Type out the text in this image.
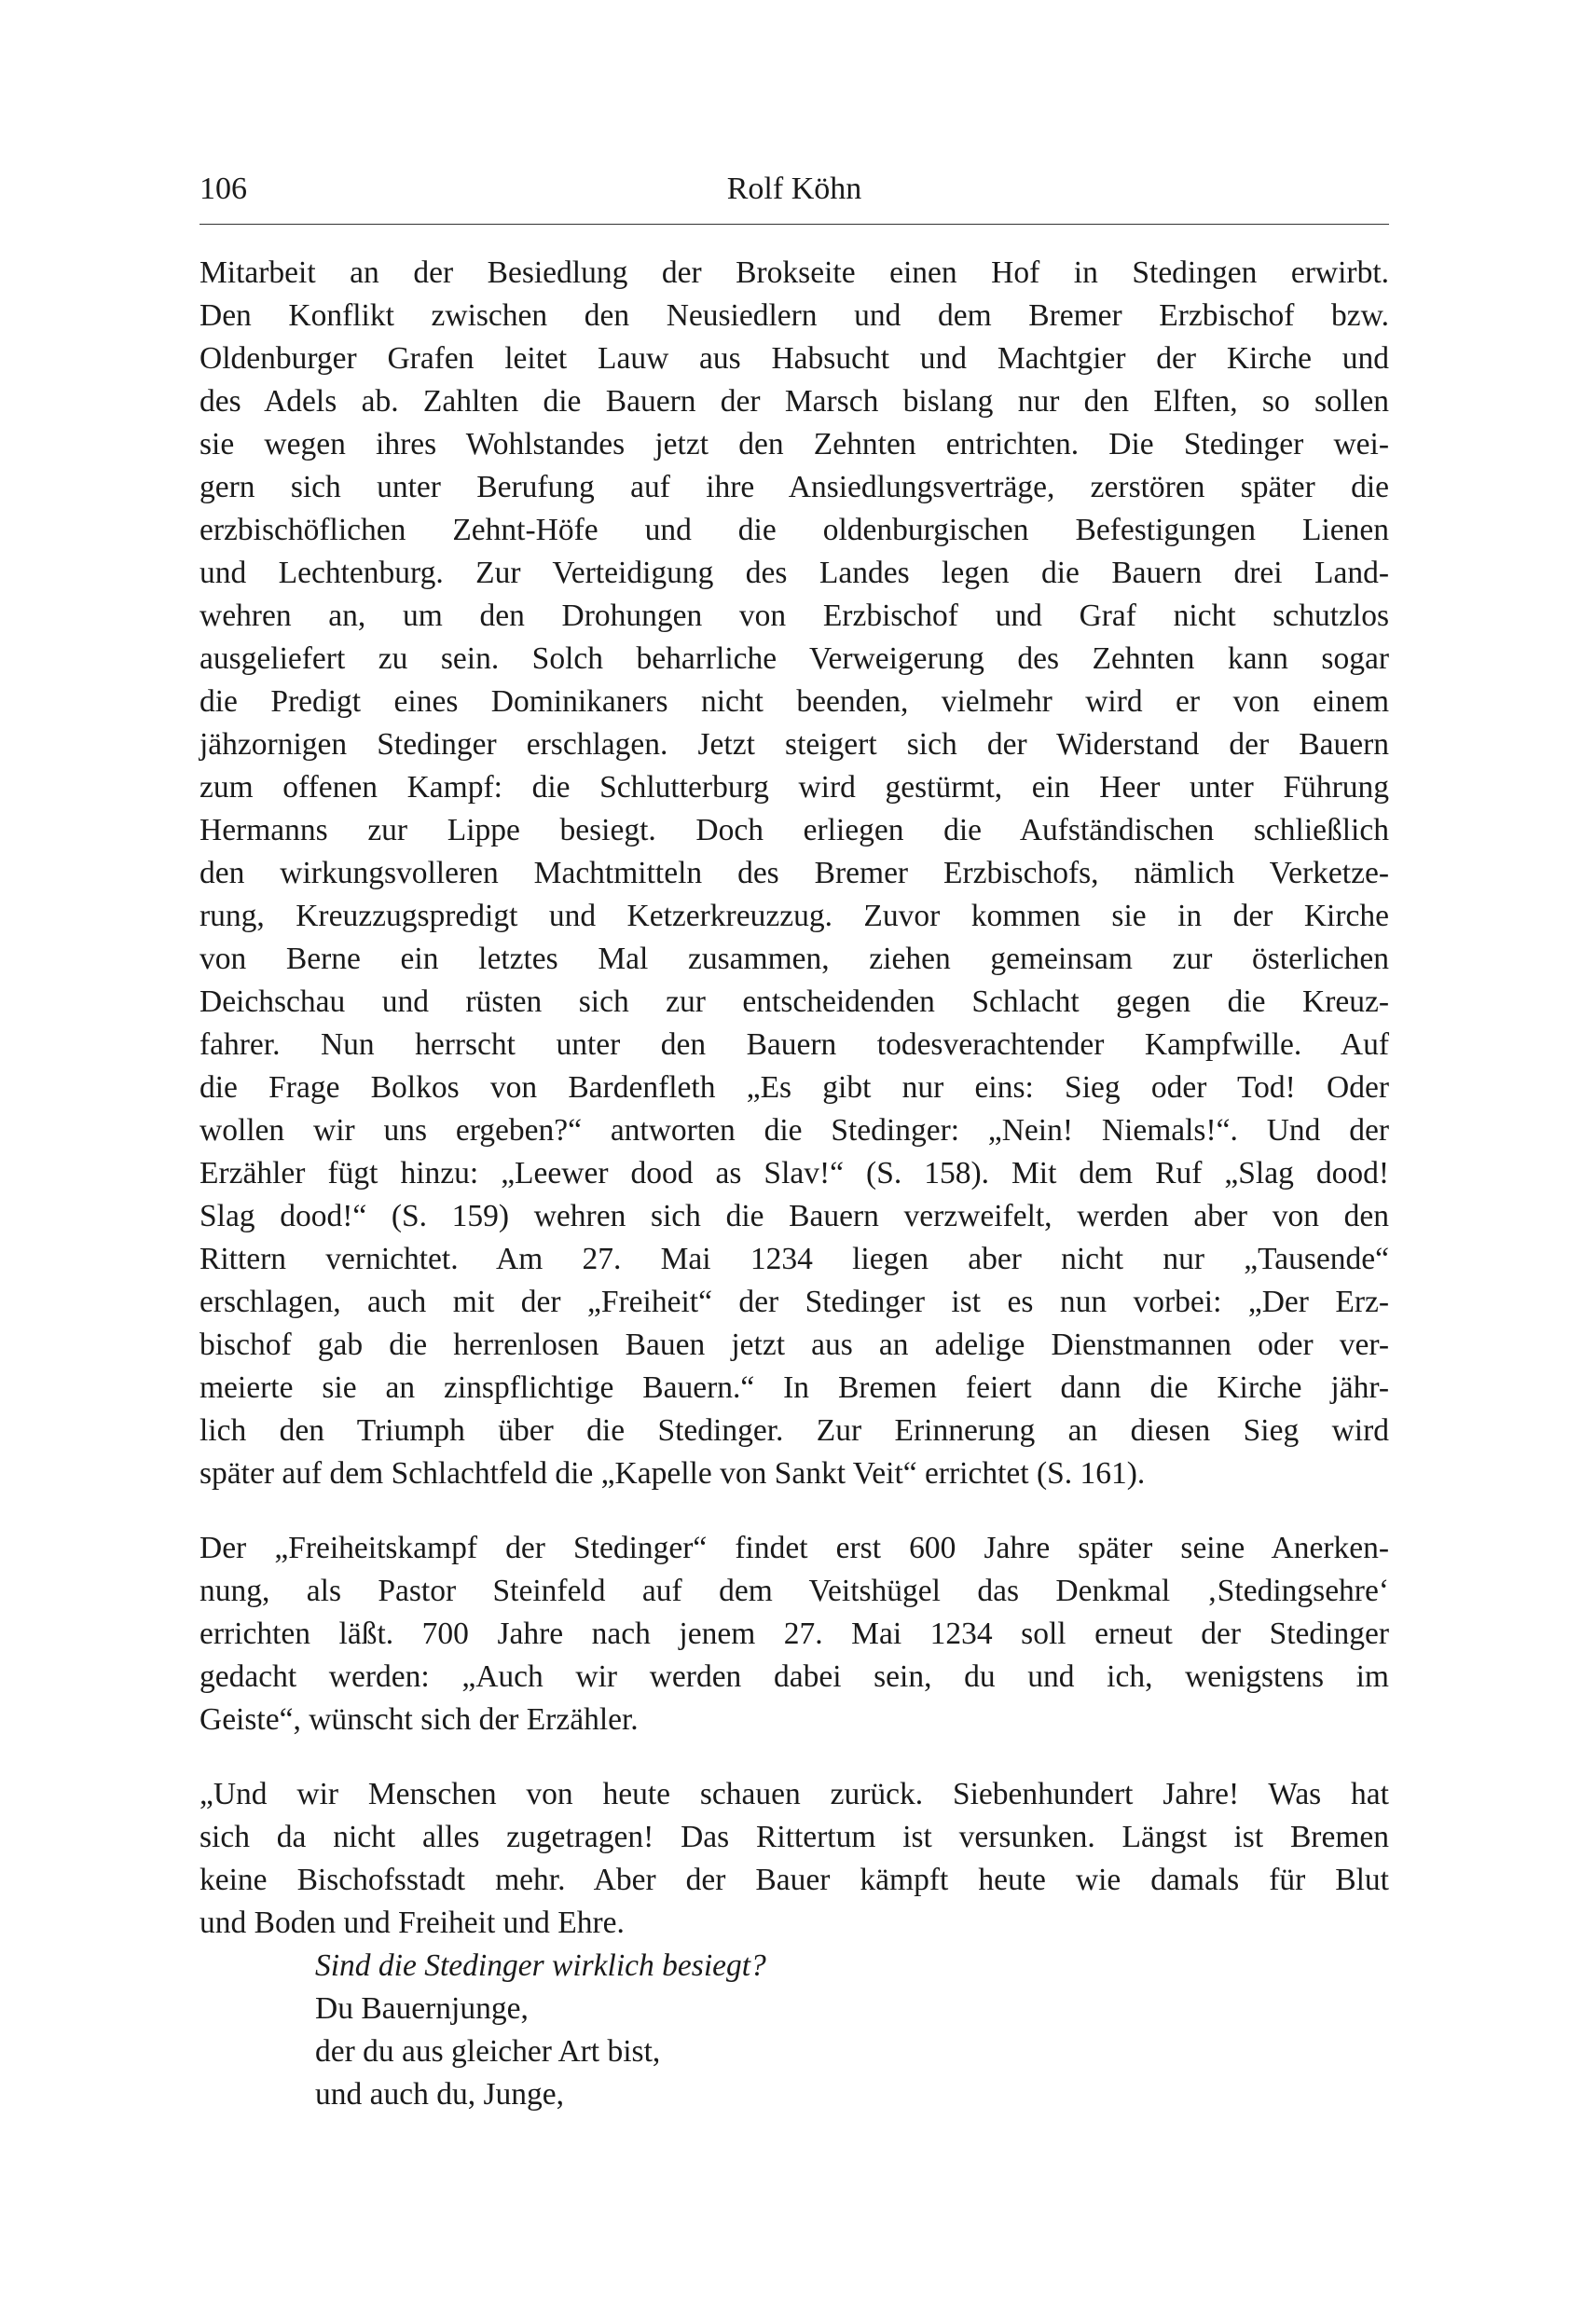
106	Rolf Köhn

Mitarbeit an der Besiedlung der Brokseite einen Hof in Stedingen erwirbt.
Den Konflikt zwischen den Neusiedlern und dem Bremer Erzbischof bzw.
Oldenburger Grafen leitet Lauw aus Habsucht und Machtgier der Kirche und
des Adels ab. Zahlten die Bauern der Marsch bislang nur den Elften, so sollen
sie wegen ihres Wohlstandes jetzt den Zehnten entrichten. Die Stedinger wei-
gern sich unter Berufung auf ihre Ansiedlungsverträge, zerstören später die
erzbischöflichen Zehnt-Höfe und die oldenburgischen Befestigungen Lienen
und Lechtenburg. Zur Verteidigung des Landes legen die Bauern drei Land-
wehren an, um den Drohungen von Erzbischof und Graf nicht schutzlos
ausgeliefert zu sein. Solch beharrliche Verweigerung des Zehnten kann sogar
die Predigt eines Dominikaners nicht beenden, vielmehr wird er von einem
jähzornigen Stedinger erschlagen. Jetzt steigert sich der Widerstand der Bauern
zum offenen Kampf: die Schlutterburg wird gestürmt, ein Heer unter Führung
Hermanns zur Lippe besiegt. Doch erliegen die Aufständischen schließlich
den wirkungsvolleren Machtmitteln des Bremer Erzbischofs, nämlich Verketze-
rung, Kreuzzugspredigt und Ketzerkreuzzug. Zuvor kommen sie in der Kirche
von Berne ein letztes Mal zusammen, ziehen gemeinsam zur österlichen
Deichschau und rüsten sich zur entscheidenden Schlacht gegen die Kreuz-
fahrer. Nun herrscht unter den Bauern todesverachtender Kampfwille. Auf
die Frage Bolkos von Bardenfleth „Es gibt nur eins: Sieg oder Tod! Oder
wollen wir uns ergeben?“ antworten die Stedinger: „Nein! Niemals!“. Und der
Erzähler fügt hinzu: „Leewer dood as Slav!“ (S. 158). Mit dem Ruf „Slag dood!
Slag dood!“ (S. 159) wehren sich die Bauern verzweifelt, werden aber von den
Rittern vernichtet. Am 27. Mai 1234 liegen aber nicht nur „Tausende“
erschlagen, auch mit der „Freiheit“ der Stedinger ist es nun vorbei: „Der Erz-
bischof gab die herrenlosen Bauen jetzt aus an adelige Dienstmannen oder ver-
meierte sie an zinspflichtige Bauern.“ In Bremen feiert dann die Kirche jähr-
lich den Triumph über die Stedinger. Zur Erinnerung an diesen Sieg wird
später auf dem Schlachtfeld die „Kapelle von Sankt Veit“ errichtet (S. 161).

Der „Freiheitskampf der Stedinger“ findet erst 600 Jahre später seine Anerken-
nung, als Pastor Steinfeld auf dem Veitshügel das Denkmal ‚Stedingsehre‘
errichten läßt. 700 Jahre nach jenem 27. Mai 1234 soll erneut der Stedinger
gedacht werden: „Auch wir werden dabei sein, du und ich, wenigstens im
Geiste“, wünscht sich der Erzähler.

„Und wir Menschen von heute schauen zurück. Siebenhundert Jahre! Was hat
sich da nicht alles zugetragen! Das Rittertum ist versunken. Längst ist Bremen
keine Bischofsstadt mehr. Aber der Bauer kämpft heute wie damals für Blut
und Boden und Freiheit und Ehre.

Sind die Stedinger wirklich besiegt?
Du Bauernjunge,
der du aus gleicher Art bist,
und auch du, Junge,
